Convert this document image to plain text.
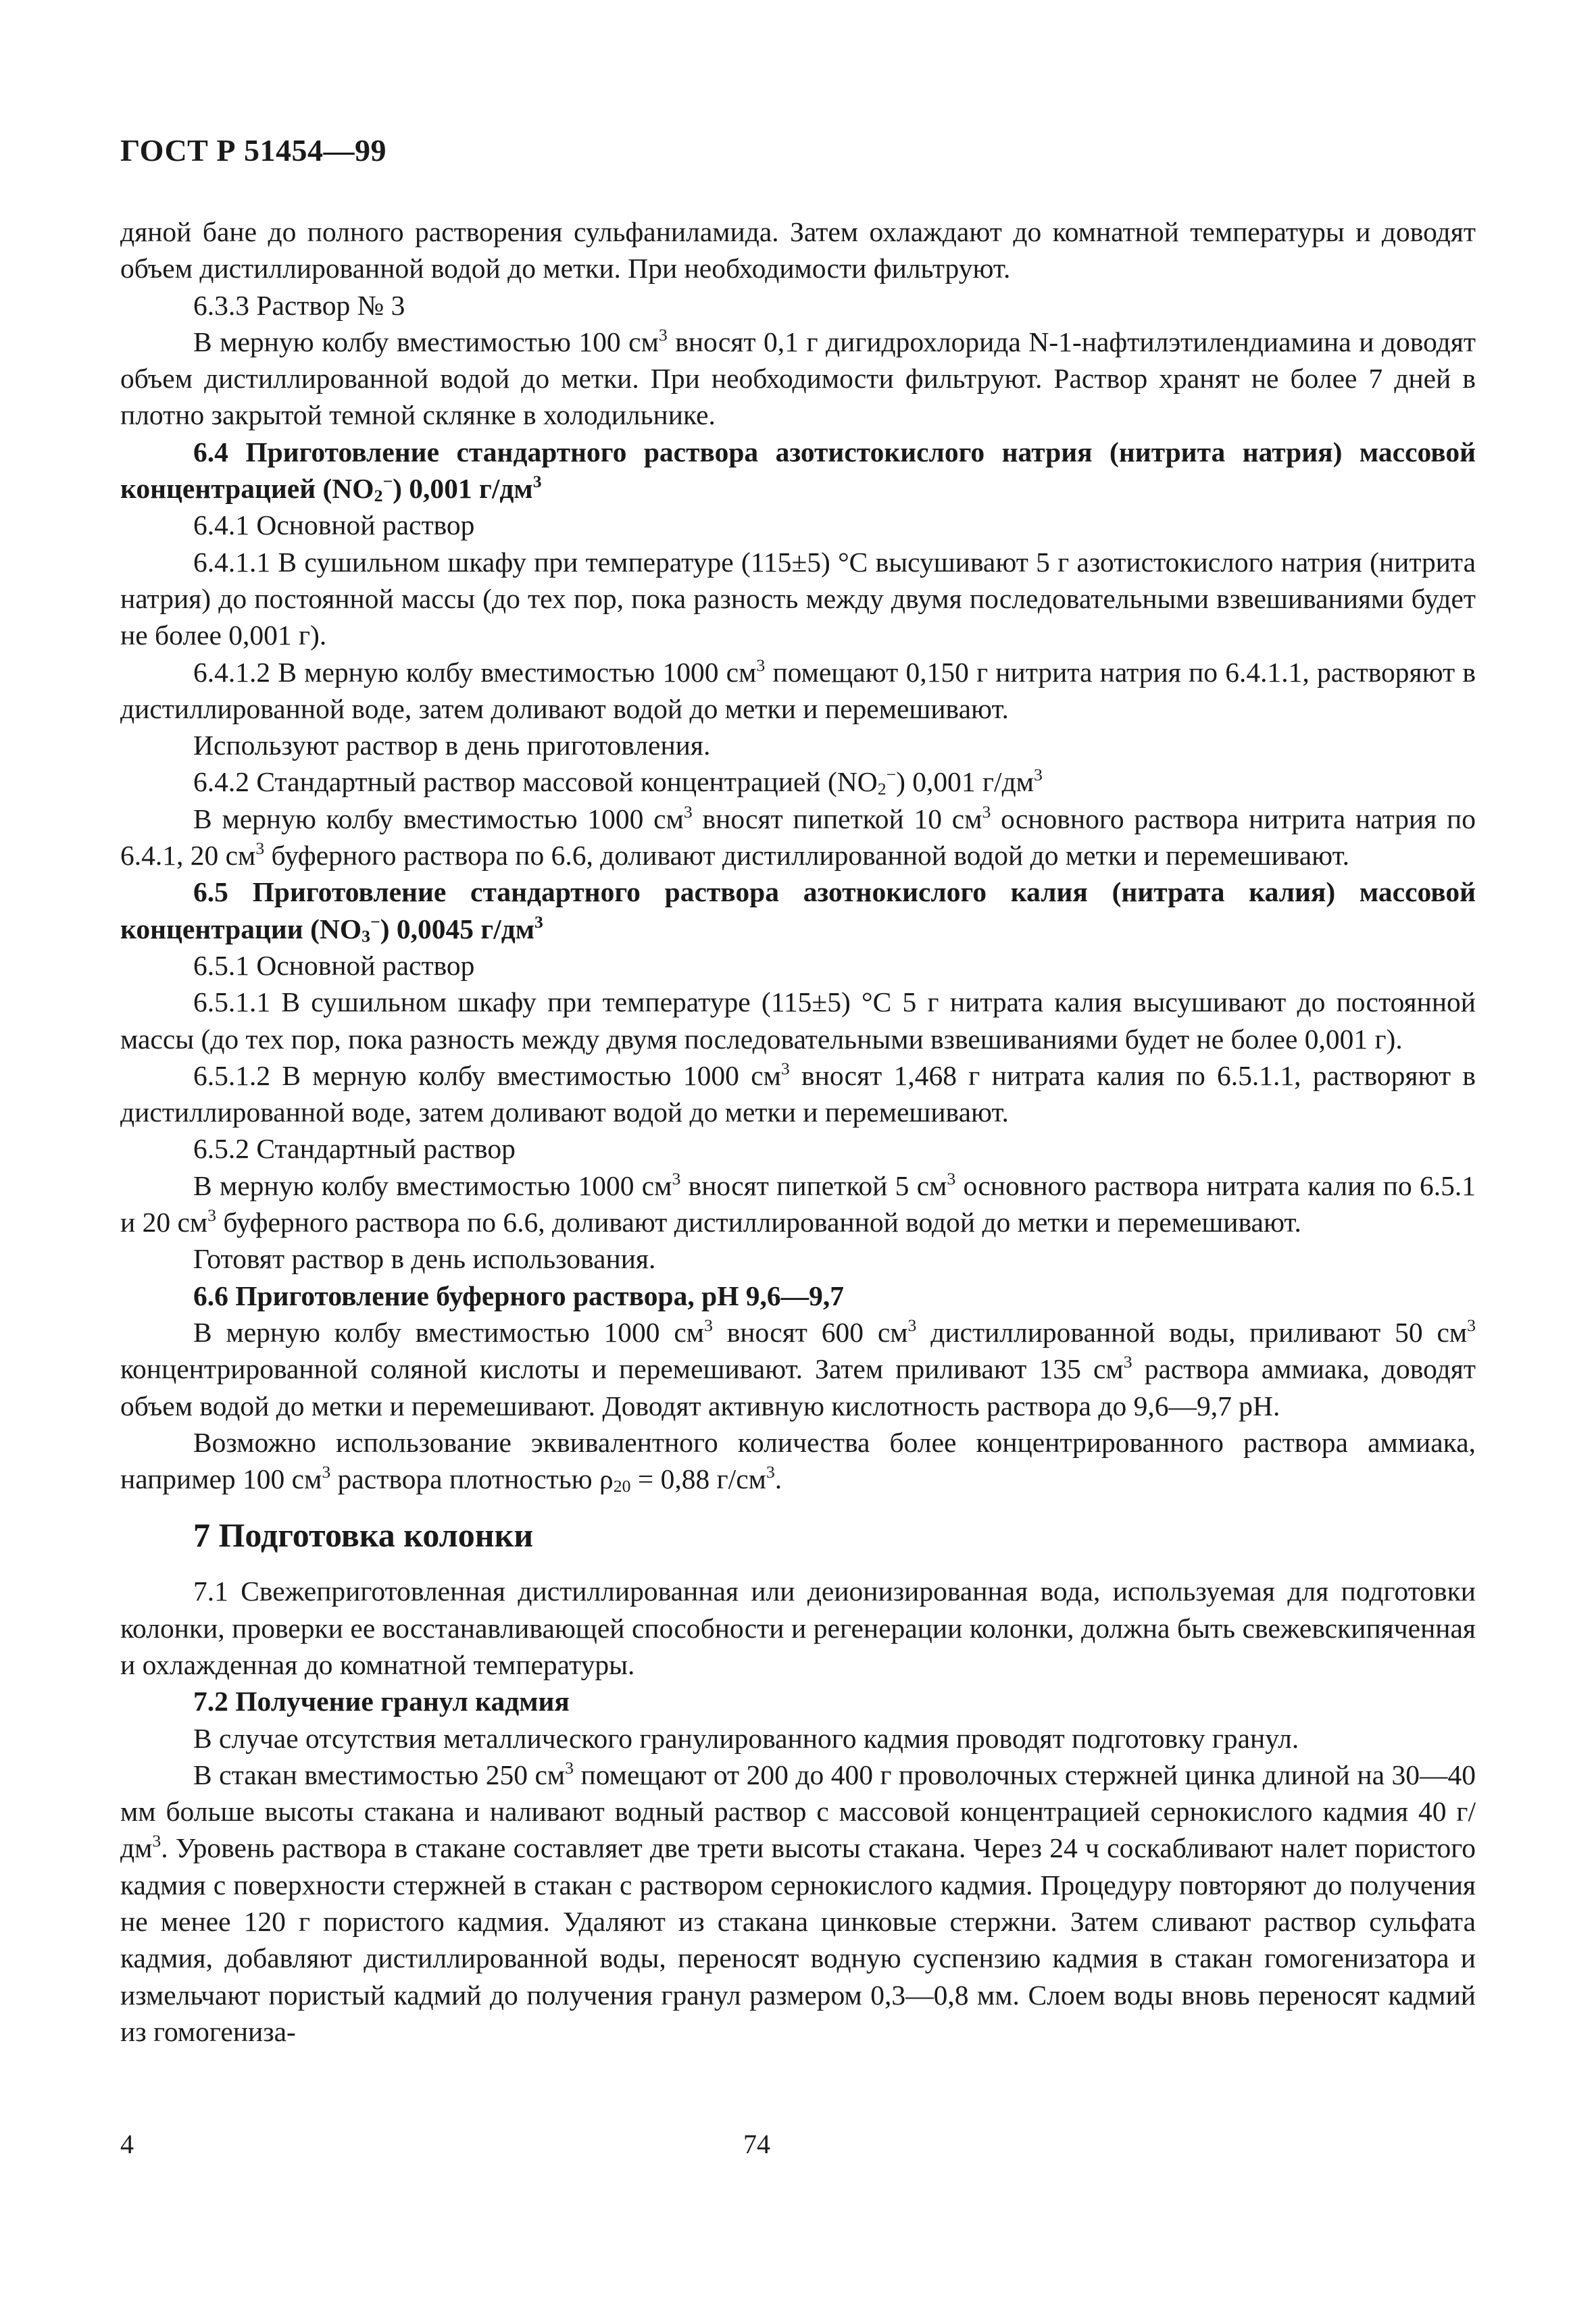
ГОСТ Р 51454—99

дяной бане до полного растворения сульфаниламида. Затем охлаждают до комнатной температуры и доводят объем дистиллированной водой до метки. При необходимости фильтруют.

6.3.3 Раствор № 3

В мерную колбу вместимостью 100 $см^3$ вносят 0,1 г дигидрохлорида N-1-нафтилэтилендиамина и доводят объем дистиллированной водой до метки. При необходимости фильтруют. Раствор хранят не более 7 дней в плотно закрытой темной склянке в холодильнике.

6.4 Приготовление стандартного раствора азотистокислого натрия (нитрита натрия) массовой концентрацией $(NO_2^-)$ 0,001 $г/дм^3$

6.4.1 Основной раствор

6.4.1.1 В сушильном шкафу при температуре (115±5) °С высушивают 5 г азотистокислого натрия (нитрита натрия) до постоянной массы (до тех пор, пока разность между двумя последовательными взвешиваниями будет не более 0,001 г).

6.4.1.2 В мерную колбу вместимостью 1000 $см^3$ помещают 0,150 г нитрита натрия по 6.4.1.1, растворяют в дистиллированной воде, затем доливают водой до метки и перемешивают.

Используют раствор в день приготовления.

6.4.2 Стандартный раствор массовой концентрацией $(NO_2^-)$ 0,001 $г/дм^3$

В мерную колбу вместимостью 1000 $см^3$ вносят пипеткой 10 $см^3$ основного раствора нитрита натрия по 6.4.1, 20 $см^3$ буферного раствора по 6.6, доливают дистиллированной водой до метки и перемешивают.

6.5 Приготовление стандартного раствора азотнокислого калия (нитрата калия) массовой концентрации $(NO_3^-)$ 0,0045 $г/дм^3$

6.5.1 Основной раствор

6.5.1.1 В сушильном шкафу при температуре (115±5) °С 5 г нитрата калия высушивают до постоянной массы (до тех пор, пока разность между двумя последовательными взвешиваниями будет не более 0,001 г).

6.5.1.2 В мерную колбу вместимостью 1000 $см^3$ вносят 1,468 г нитрата калия по 6.5.1.1, растворяют в дистиллированной воде, затем доливают водой до метки и перемешивают.

6.5.2 Стандартный раствор

В мерную колбу вместимостью 1000 $см^3$ вносят пипеткой 5 $см^3$ основного раствора нитрата калия по 6.5.1 и 20 $см^3$ буферного раствора по 6.6, доливают дистиллированной водой до метки и перемешивают.

Готовят раствор в день использования.

6.6 Приготовление буферного раствора, pH 9,6—9,7

В мерную колбу вместимостью 1000 $см^3$ вносят 600 $см^3$ дистиллированной воды, приливают 50 $см^3$ концентрированной соляной кислоты и перемешивают. Затем приливают 135 $см^3$ раствора аммиака, доводят объем водой до метки и перемешивают. Доводят активную кислотность раствора до 9,6—9,7 pH.

Возможно использование эквивалентного количества более концентрированного раствора аммиака, например 100 $см^3$ раствора плотностью $\rho_{20} = 0,88$ $г/см^3$.

7 Подготовка колонки

7.1 Свежеприготовленная дистиллированная или деионизированная вода, используемая для подготовки колонки, проверки ее восстанавливающей способности и регенерации колонки, должна быть свежевскипяченная и охлажденная до комнатной температуры.

7.2 Получение гранул кадмия

В случае отсутствия металлического гранулированного кадмия проводят подготовку гранул.

В стакан вместимостью 250 $см^3$ помещают от 200 до 400 г проволочных стержней цинка длиной на 30—40 мм больше высоты стакана и наливают водный раствор с массовой концентрацией сернокислого кадмия 40 $г/дм^3$. Уровень раствора в стакане составляет две трети высоты стакана. Через 24 ч соскабливают налет пористого кадмия с поверхности стержней в стакан с раствором сернокислого кадмия. Процедуру повторяют до получения не менее 120 г пористого кадмия. Удаляют из стакана цинковые стержни. Затем сливают раствор сульфата кадмия, добавляют дистиллированной воды, переносят водную суспензию кадмия в стакан гомогенизатора и измельчают пористый кадмий до получения гранул размером 0,3—0,8 мм. Слоем воды вновь переносят кадмий из гомогениза-

4	74
